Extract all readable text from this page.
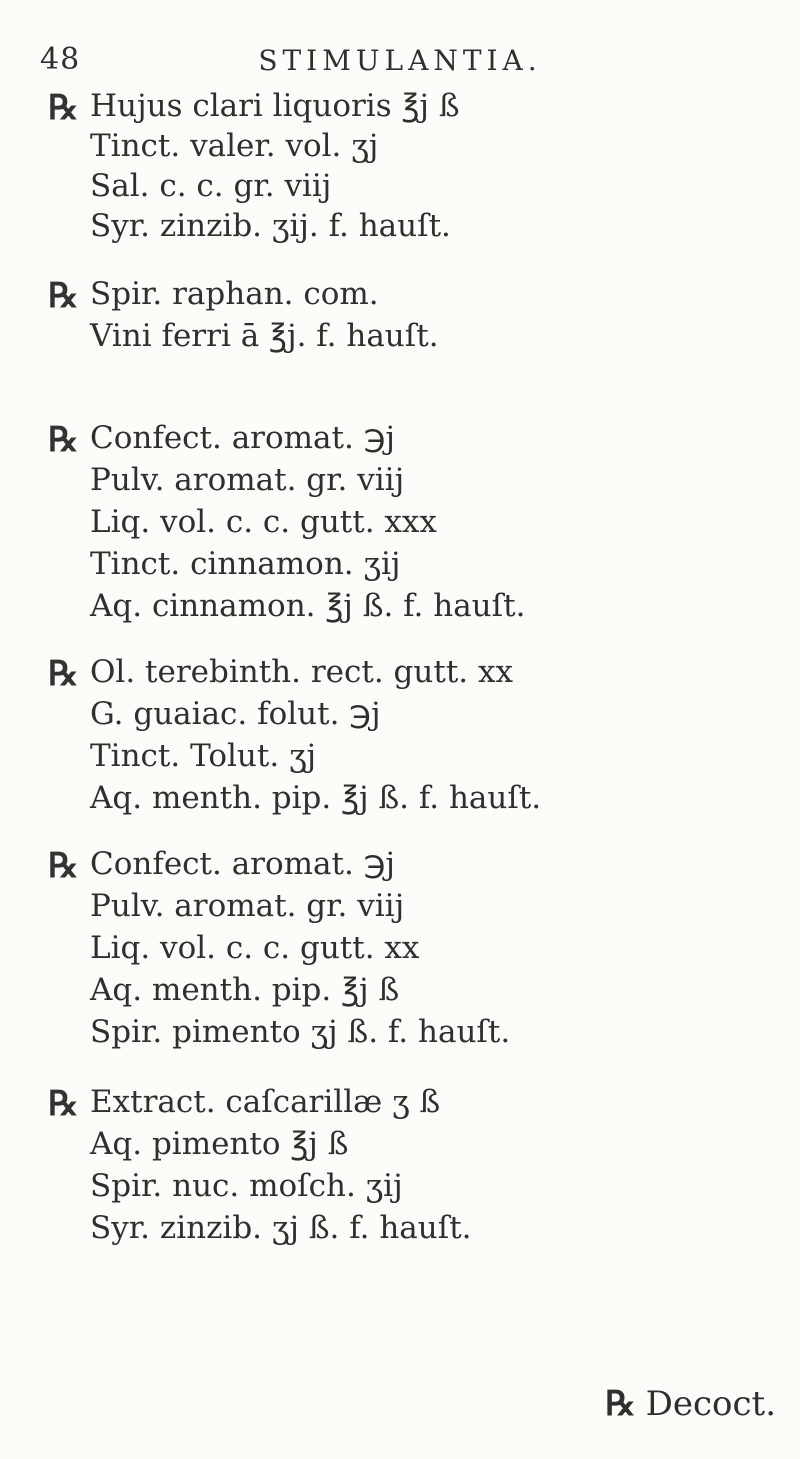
48	STIMULANTIA.
℞ Hujus clari liquoris ℥j ß
Tinct. valer. vol. ʒj
Sal. c. c. gr. viij
Syr. zinzib. ʒij. f. hauſt.
℞ Spir. raphan. com.
Vini ferri ā ℥j. f. hauſt.
℞ Confect. aromat. ℈j
Pulv. aromat. gr. viij
Liq. vol. c. c. gutt. xxx
Tinct. cinnamon. ʒij
Aq. cinnamon. ℥j ß. f. hauſt.
℞ Ol. terebinth. rect. gutt. xx
G. guaiac. folut. ℈j
Tinct. Tolut. ʒj
Aq. menth. pip. ℥j ß. f. hauſt.
℞ Confect. aromat. ℈j
Pulv. aromat. gr. viij
Liq. vol. c. c. gutt. xx
Aq. menth. pip. ℥j ß
Spir. pimento ʒj ß. f. hauſt.
℞ Extract. caſcarillæ ʒ ß
Aq. pimento ℥j ß
Spir. nuc. moſch. ʒij
Syr. zinzib. ʒj ß. f. hauſt.
℞ Decoct.
